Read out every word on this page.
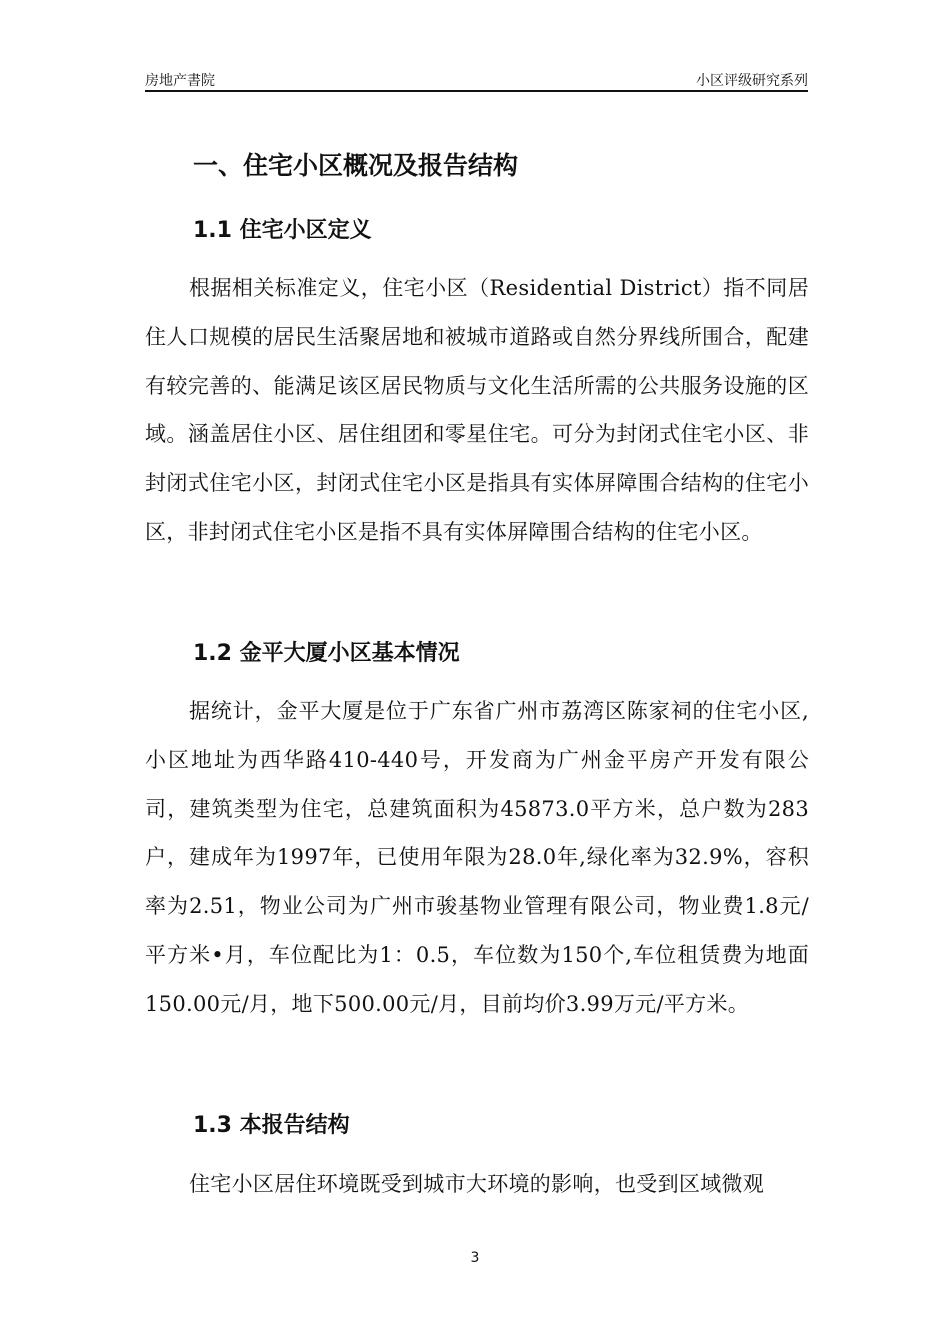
房地产書院	小区评级研究系列
一、住宅小区概况及报告结构
1.1 住宅小区定义

根据相关标准定义，住宅小区（Residential District）指不同居住人口规模的居民生活聚居地和被城市道路或自然分界线所围合，配建有较完善的、能满足该区居民物质与文化生活所需的公共服务设施的区域。涵盖居住小区、居住组团和零星住宅。可分为封闭式住宅小区、非封闭式住宅小区，封闭式住宅小区是指具有实体屏障围合结构的住宅小区，非封闭式住宅小区是指不具有实体屏障围合结构的住宅小区。

1.2 金平大厦小区基本情况

据统计，金平大厦是位于广东省广州市荔湾区陈家祠的住宅小区,小区地址为西华路410-440号，开发商为广州金平房产开发有限公司，建筑类型为住宅，总建筑面积为45873.0平方米，总户数为283户，建成年为1997年，已使用年限为28.0年,绿化率为32.9%，容积率为2.51，物业公司为广州市骏基物业管理有限公司，物业费1.8元/平方米•月，车位配比为1：0.5，车位数为150个,车位租赁费为地面150.00元/月，地下500.00元/月，目前均价3.99万元/平方米。

1.3 本报告结构

住宅小区居住环境既受到城市大环境的影响，也受到区域微观

3
